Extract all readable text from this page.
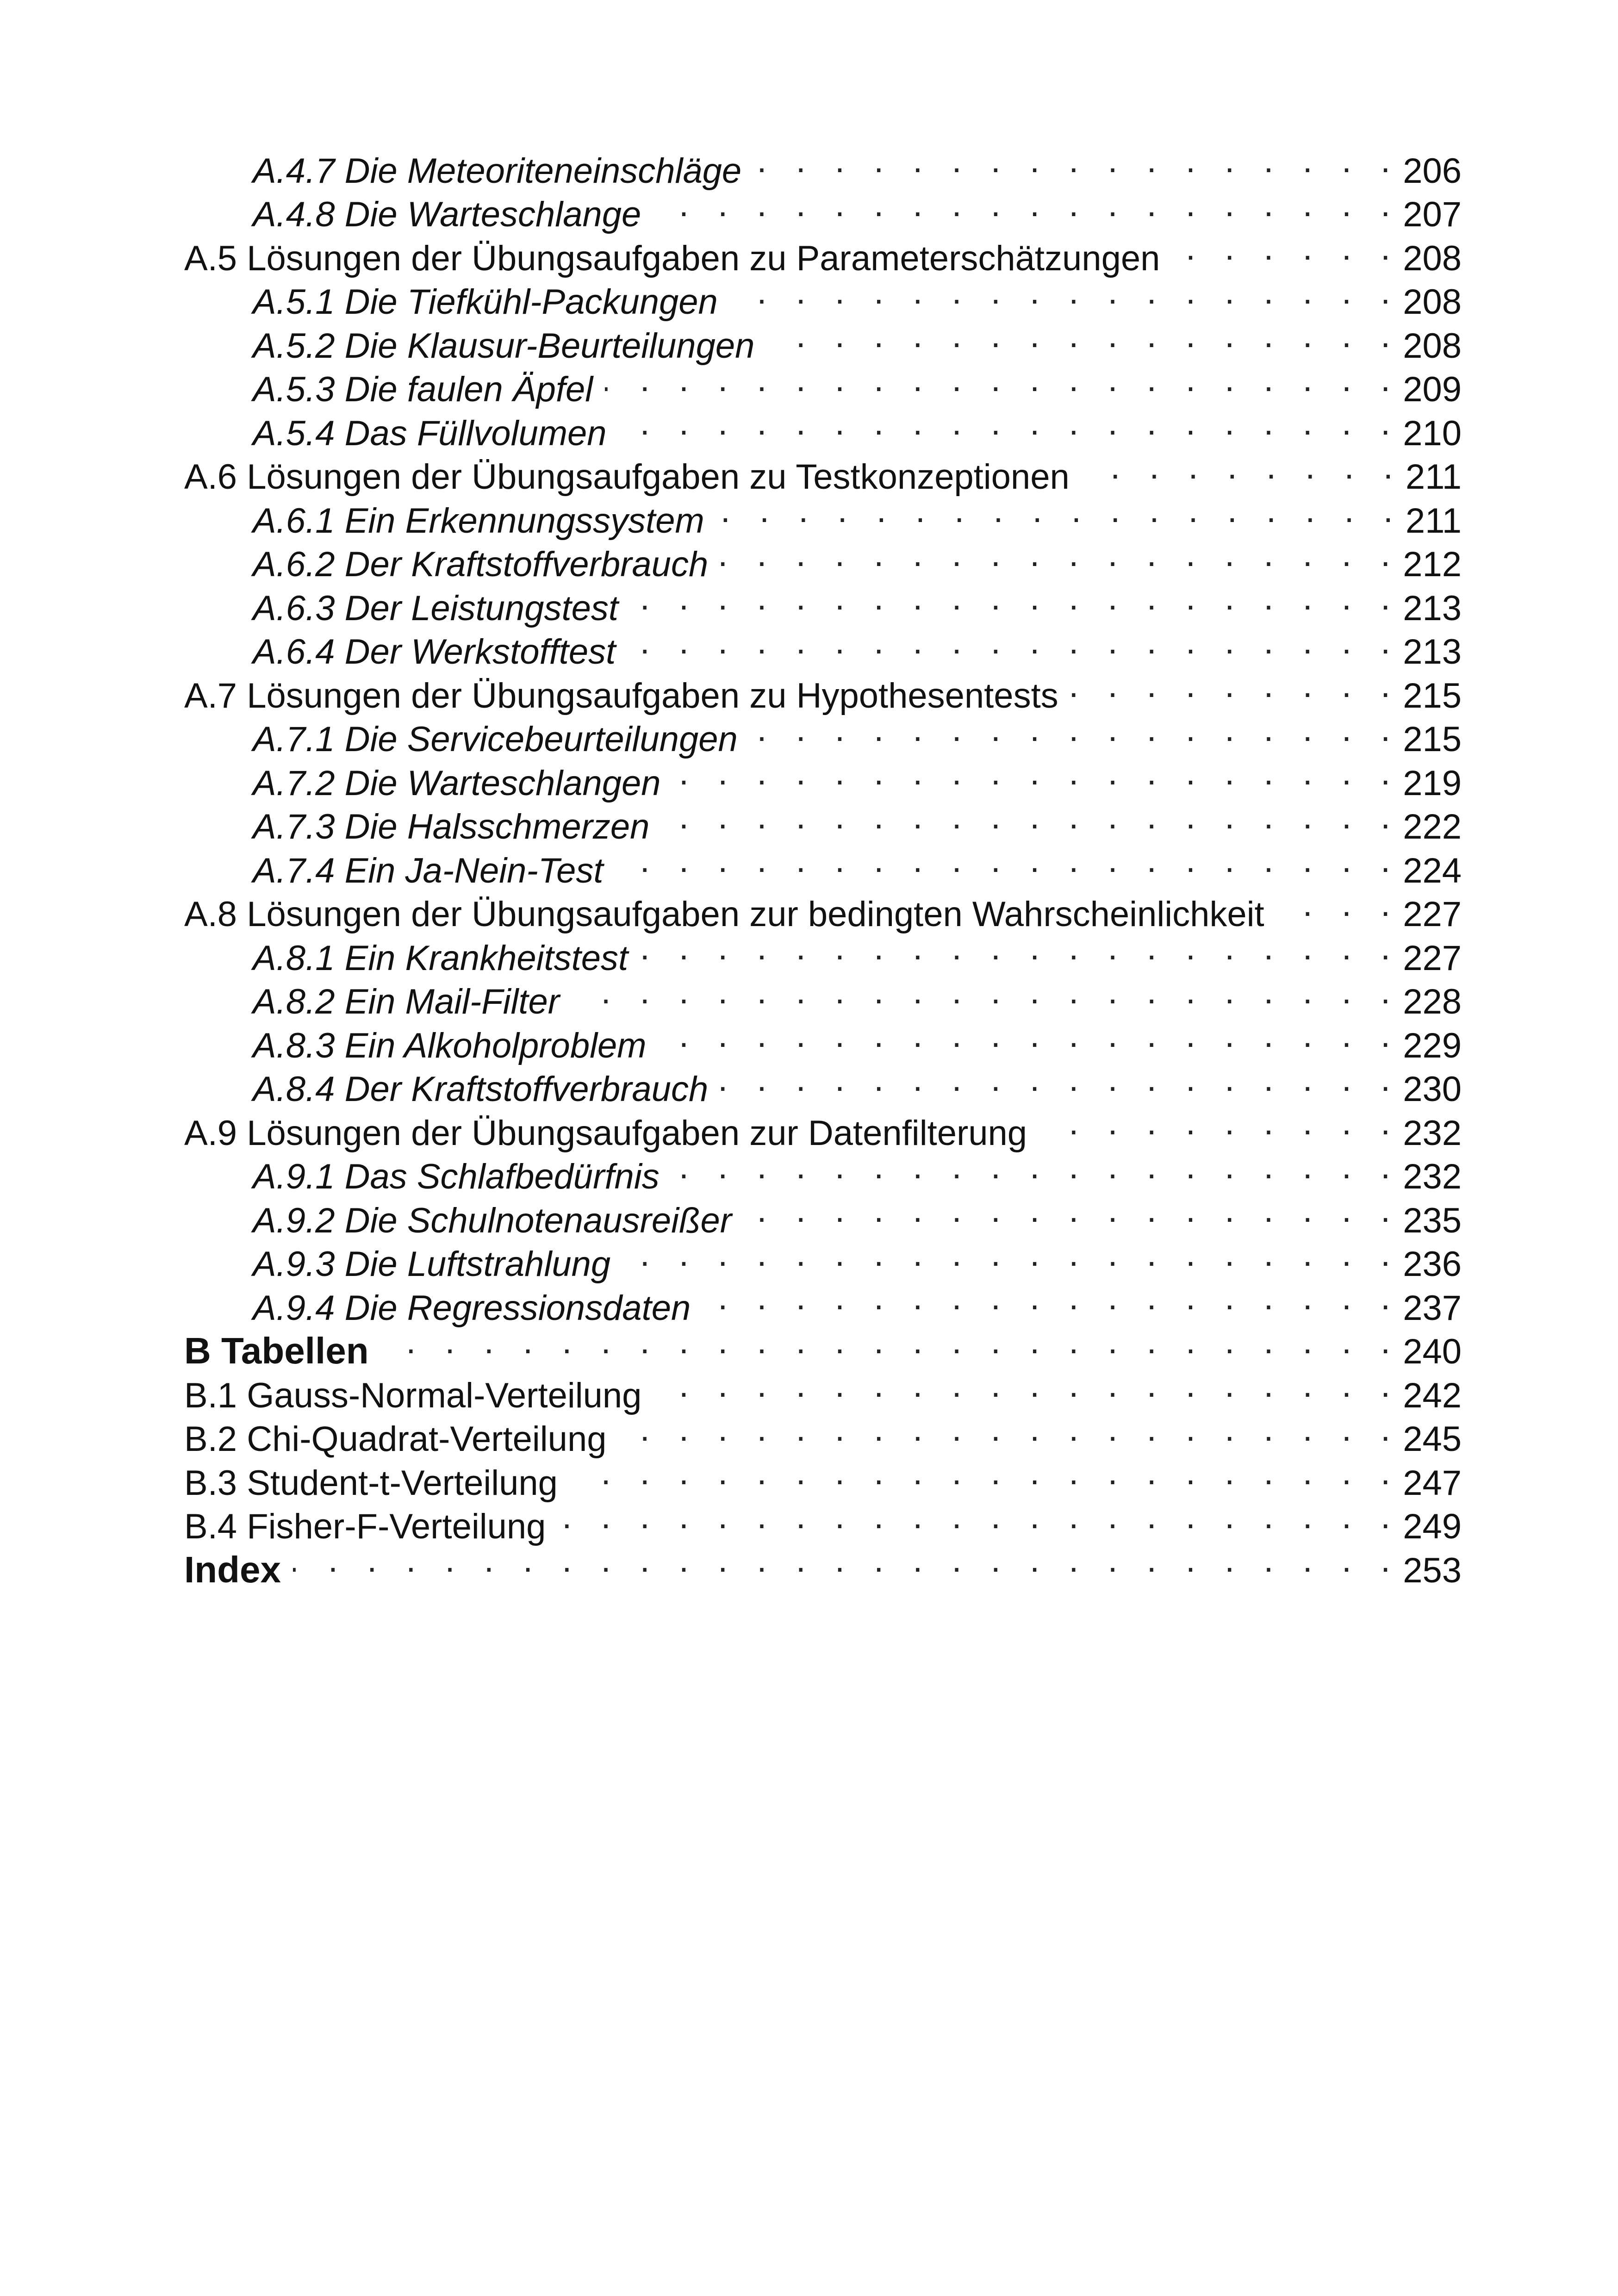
A.4.7 Die Meteoriteneinschläge . . .	206
A.4.8 Die Warteschlange . . .	207
A.5 Lösungen der Übungsaufgaben zu Parameterschätzungen . . .	208
A.5.1 Die Tiefkühl-Packungen . . .	208
A.5.2 Die Klausur-Beurteilungen . . .	208
A.5.3 Die faulen Äpfel . . .	209
A.5.4 Das Füllvolumen . . .	210
A.6 Lösungen der Übungsaufgaben zu Testkonzeptionen . . .	211
A.6.1 Ein Erkennungssystem . . .	211
A.6.2 Der Kraftstoffverbrauch . . .	212
A.6.3 Der Leistungstest . . .	213
A.6.4 Der Werkstofftest . . .	213
A.7 Lösungen der Übungsaufgaben zu Hypothesentests . . .	215
A.7.1 Die Servicebeurteilungen . . .	215
A.7.2 Die Warteschlangen . . .	219
A.7.3 Die Halsschmerzen . . .	222
A.7.4 Ein Ja-Nein-Test . . .	224
A.8 Lösungen der Übungsaufgaben zur bedingten Wahrscheinlichkeit . . .	227
A.8.1 Ein Krankheitstest . . .	227
A.8.2 Ein Mail-Filter . . .	228
A.8.3 Ein Alkoholproblem . . .	229
A.8.4 Der Kraftstoffverbrauch . . .	230
A.9 Lösungen der Übungsaufgaben zur Datenfilterung . . .	232
A.9.1 Das Schlafbedürfnis . . .	232
A.9.2 Die Schulnotenausreißer . . .	235
A.9.3 Die Luftstrahlung . . .	236
A.9.4 Die Regressionsdaten . . .	237
B Tabellen . . .	240
B.1 Gauss-Normal-Verteilung . . .	242
B.2 Chi-Quadrat-Verteilung . . .	245
B.3 Student-t-Verteilung . . .	247
B.4 Fisher-F-Verteilung . . .	249
Index . . .	253
